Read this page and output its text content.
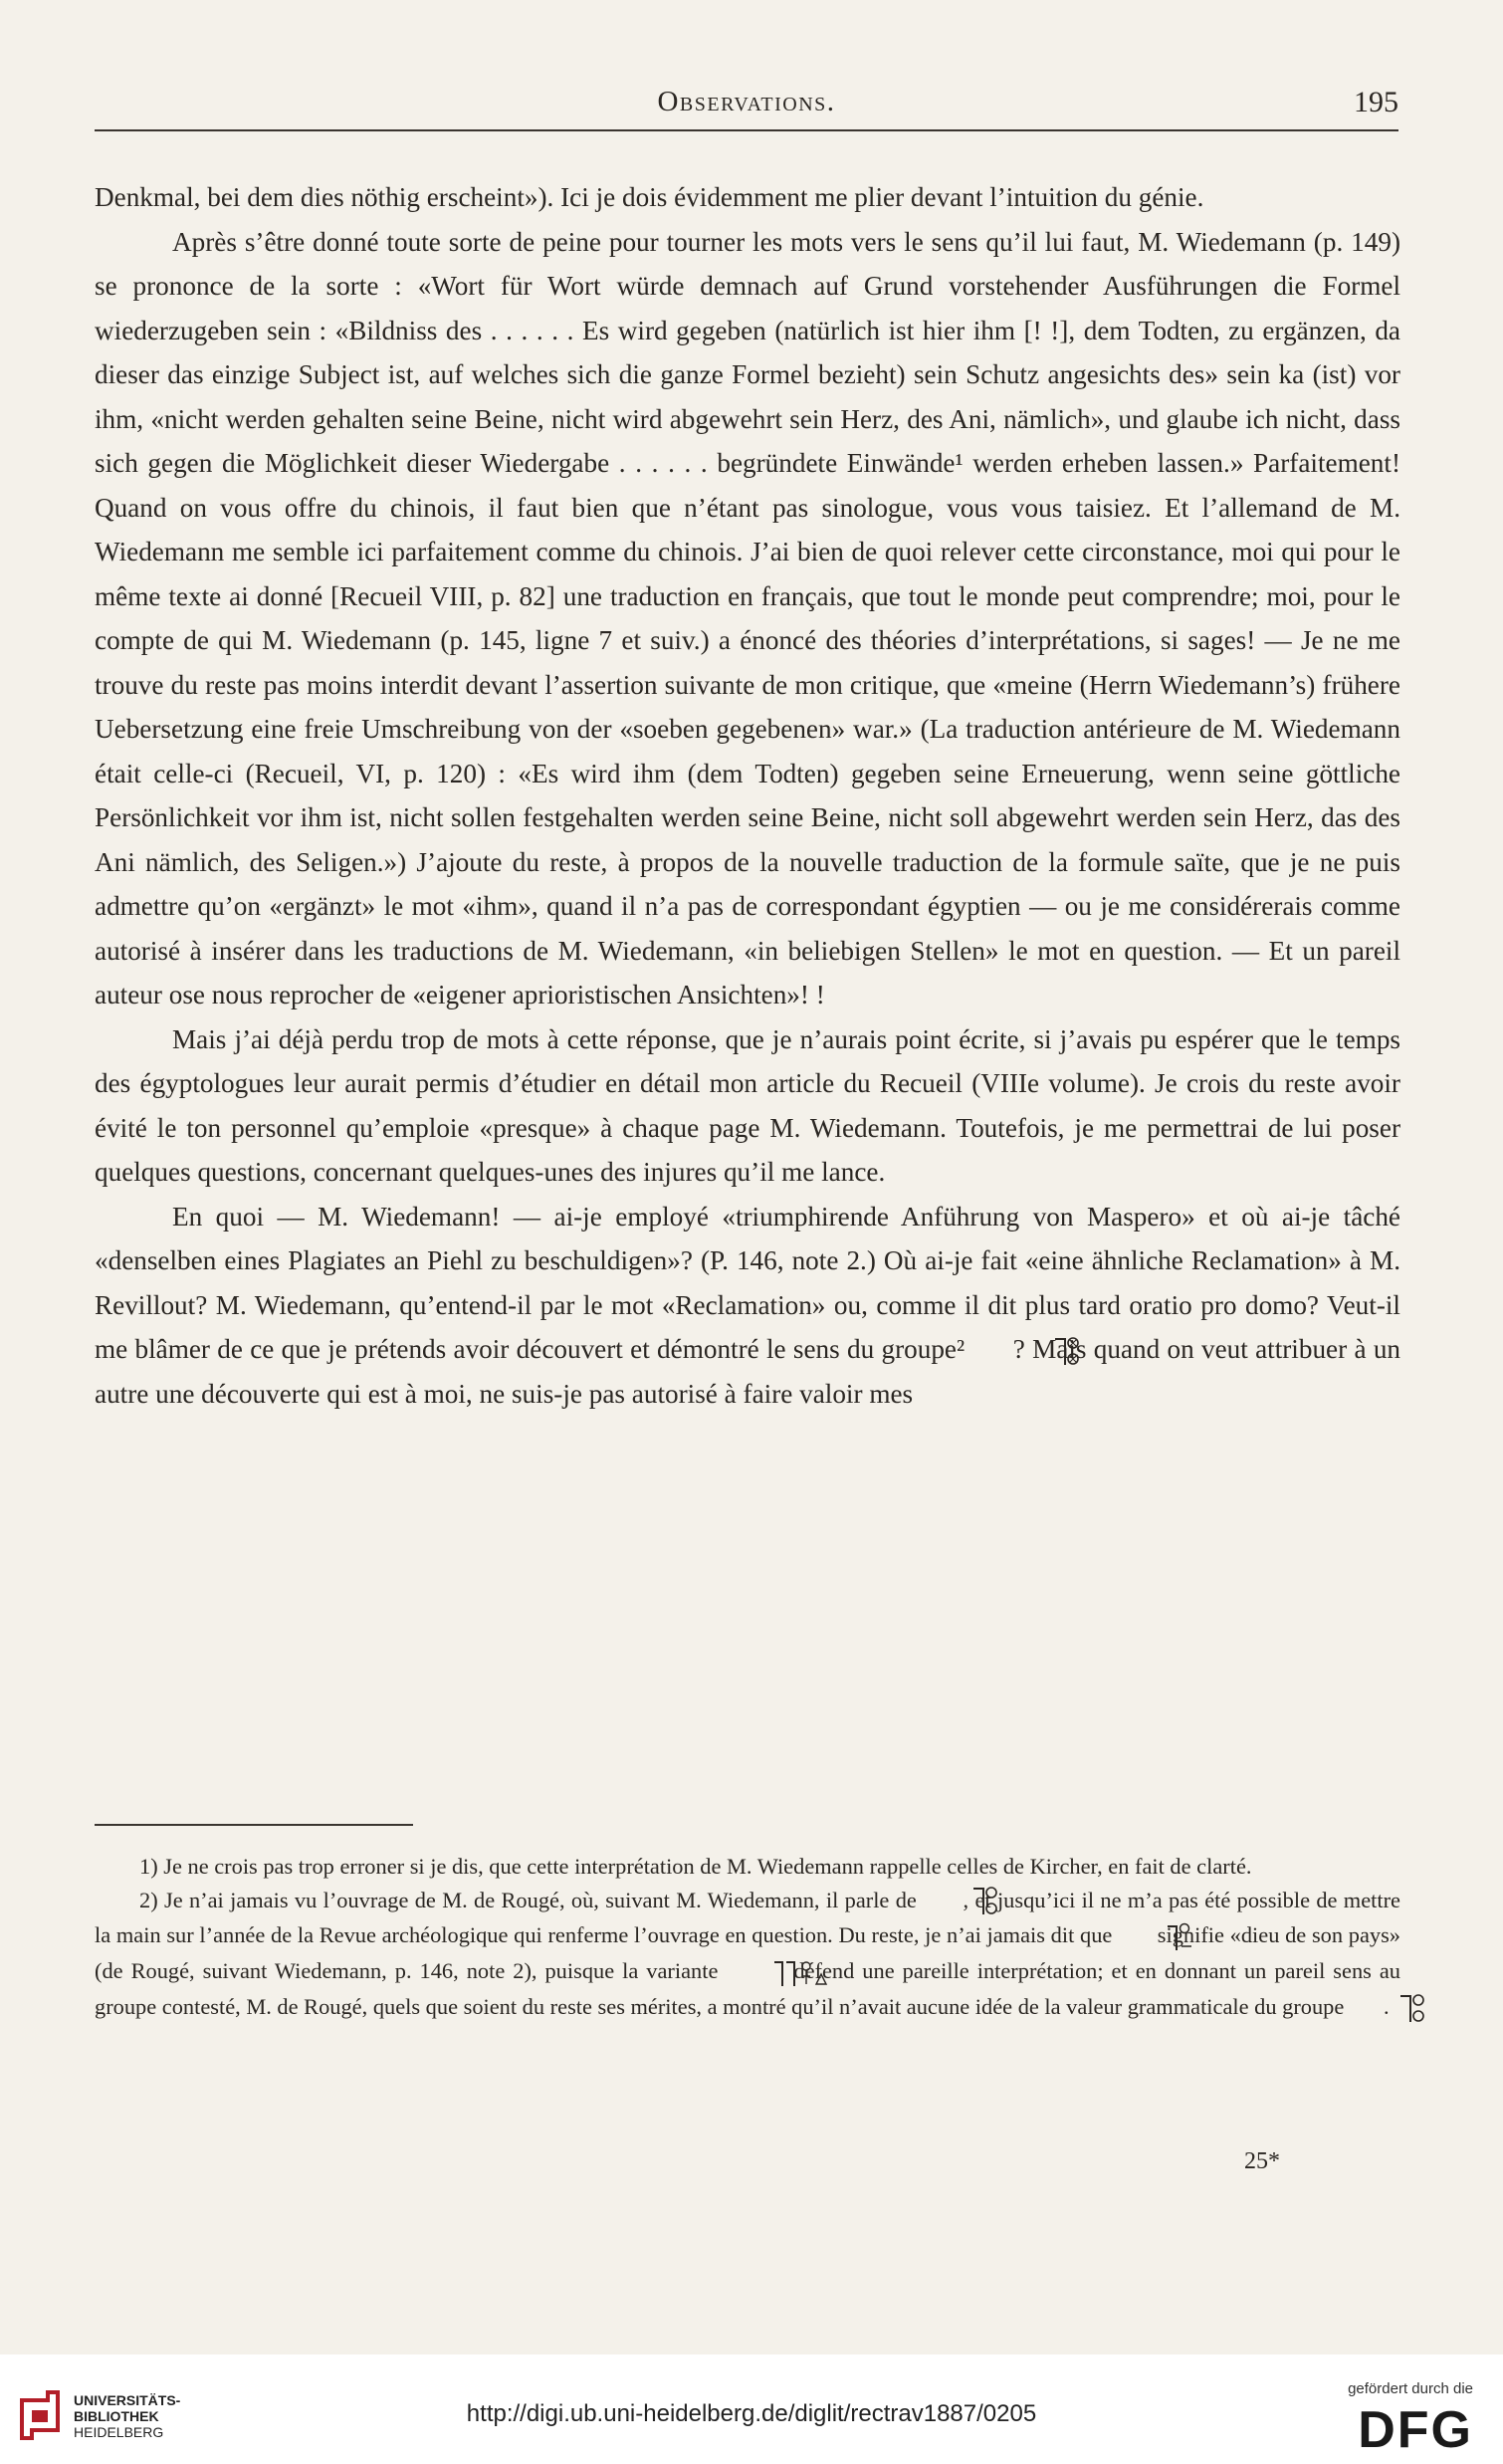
Observations.	195

Denkmal, bei dem dies nöthig erscheint»). Ici je dois évidemment me plier devant l’intuition du génie.

Après s’être donné toute sorte de peine pour tourner les mots vers le sens qu’il lui faut, M. Wiedemann (p. 149) se prononce de la sorte : «Wort für Wort würde demnach auf Grund vorstehender Ausführungen die Formel wiederzugeben sein : «Bildniss des . . . . . . Es wird gegeben (natürlich ist hier ihm [! !], dem Todten, zu ergänzen, da dieser das einzige Subject ist, auf welches sich die ganze Formel bezieht) sein Schutz angesichts des» sein ka (ist) vor ihm, «nicht werden gehalten seine Beine, nicht wird abgewehrt sein Herz, des Ani, nämlich», und glaube ich nicht, dass sich gegen die Möglichkeit dieser Wiedergabe . . . . . . begründete Einwände¹ werden erheben lassen.» Parfaitement! Quand on vous offre du chinois, il faut bien que n’étant pas sinologue, vous vous taisiez. Et l’allemand de M. Wiedemann me semble ici parfaitement comme du chinois. J’ai bien de quoi relever cette circonstance, moi qui pour le même texte ai donné [Recueil VIII, p. 82] une traduction en français, que tout le monde peut comprendre; moi, pour le compte de qui M. Wiedemann (p. 145, ligne 7 et suiv.) a énoncé des théories d’interprétations, si sages! — Je ne me trouve du reste pas moins interdit devant l’assertion suivante de mon critique, que «meine (Herrn Wiedemann’s) frühere Uebersetzung eine freie Umschreibung von der «soeben gegebenen» war.» (La traduction antérieure de M. Wiedemann était celle-ci (Recueil, VI, p. 120) : «Es wird ihm (dem Todten) gegeben seine Erneuerung, wenn seine göttliche Persönlichkeit vor ihm ist, nicht sollen festgehalten werden seine Beine, nicht soll abgewehrt werden sein Herz, das des Ani nämlich, des Seligen.») J’ajoute du reste, à propos de la nouvelle traduction de la formule saïte, que je ne puis admettre qu’on «ergänzt» le mot «ihm», quand il n’a pas de correspondant égyptien — ou je me considérerais comme autorisé à insérer dans les traductions de M. Wiedemann, «in beliebigen Stellen» le mot en question. — Et un pareil auteur ose nous reprocher de «eigener aprioristischen Ansichten»! !

Mais j’ai déjà perdu trop de mots à cette réponse, que je n’aurais point écrite, si j’avais pu espérer que le temps des égyptologues leur aurait permis d’étudier en détail mon article du Recueil (VIIIe volume). Je crois du reste avoir évité le ton personnel qu’emploie «presque» à chaque page M. Wiedemann. Toutefois, je me permettrai de lui poser quelques questions, concernant quelques-unes des injures qu’il me lance.

En quoi — M. Wiedemann! — ai-je employé «triumphirende Anführung von Maspero» et où ai-je tâché «denselben eines Plagiates an Piehl zu beschuldigen»? (P. 146, note 2.) Où ai-je fait «eine ähnliche Reclamation» à M. Revillout? M. Wiedemann, qu’entend-il par le mot «Reclamation» ou, comme il dit plus tard oratio pro domo? Veut-il me blâmer de ce que je prétends avoir découvert et démontré le sens du groupe² ? Mais quand on veut attribuer à un autre une découverte qui est à moi, ne suis-je pas autorisé à faire valoir mes

1) Je ne crois pas trop erroner si je dis, que cette interprétation de M. Wiedemann rappelle celles de Kircher, en fait de clarté.

2) Je n’ai jamais vu l’ouvrage de M. de Rougé, où, suivant M. Wiedemann, il parle de , et jusqu’ici il ne m’a pas été possible de mettre la main sur l’année de la Revue archéologique qui renferme l’ouvrage en question. Du reste, je n’ai jamais dit que signifie «dieu de son pays» (de Rougé, suivant Wiedemann, p. 146, note 2), puisque la variante	défend une pareille interprétation; et en donnant un pareil sens au groupe contesté, M. de Rougé, quels que soient du reste ses mérites, a montré qu’il n’avait aucune idée de la valeur grammaticale du groupe .

25*
UNIVERSITÄTS-
BIBLIOTHEK
HEIDELBERG
http://digi.ub.uni-heidelberg.de/diglit/rectrav1887/0205
gefördert durch die
DFG
